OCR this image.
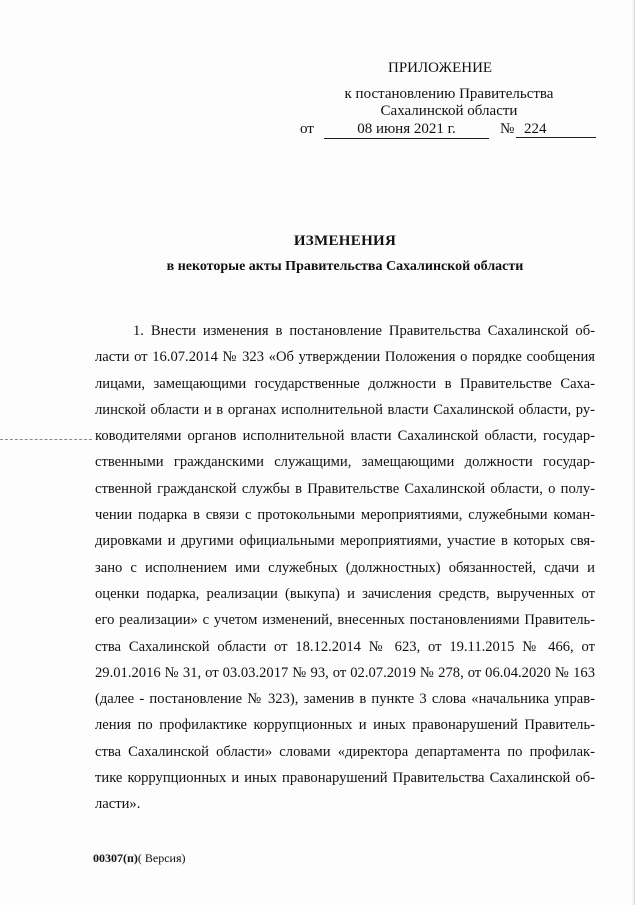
ПРИЛОЖЕНИЕ
к постановлению Правительства
Сахалинской области
от	08 июня 2021 г.	№ 224
ИЗМЕНЕНИЯ
в некоторые акты Правительства Сахалинской области
1. Внести изменения в постановление Правительства Сахалинской об-
ласти от 16.07.2014 № 323 «Об утверждении Положения о порядке сообщения
лицами, замещающими государственные должности в Правительстве Саха-
линской области и в органах исполнительной власти Сахалинской области, ру-
ководителями органов исполнительной власти Сахалинской области, государ-
ственными гражданскими служащими, замещающими должности государ-
ственной гражданской службы в Правительстве Сахалинской области, о полу-
чении подарка в связи с протокольными мероприятиями, служебными коман-
дировками и другими официальными мероприятиями, участие в которых свя-
зано с исполнением ими служебных (должностных) обязанностей, сдачи и
оценки подарка, реализации (выкупа) и зачисления средств, вырученных от
его реализации» с учетом изменений, внесенных постановлениями Правитель-
ства Сахалинской области от 18.12.2014 № 623, от 19.11.2015 № 466, от
29.01.2016 № 31, от 03.03.2017 № 93, от 02.07.2019 № 278, от 06.04.2020 № 163
(далее - постановление № 323), заменив в пункте 3 слова «начальника управ-
ления по профилактике коррупционных и иных правонарушений Правитель-
ства Сахалинской области» словами «директора департамента по профилак-
тике коррупционных и иных правонарушений Правительства Сахалинской об-
ласти».
00307(п)( Версия)
